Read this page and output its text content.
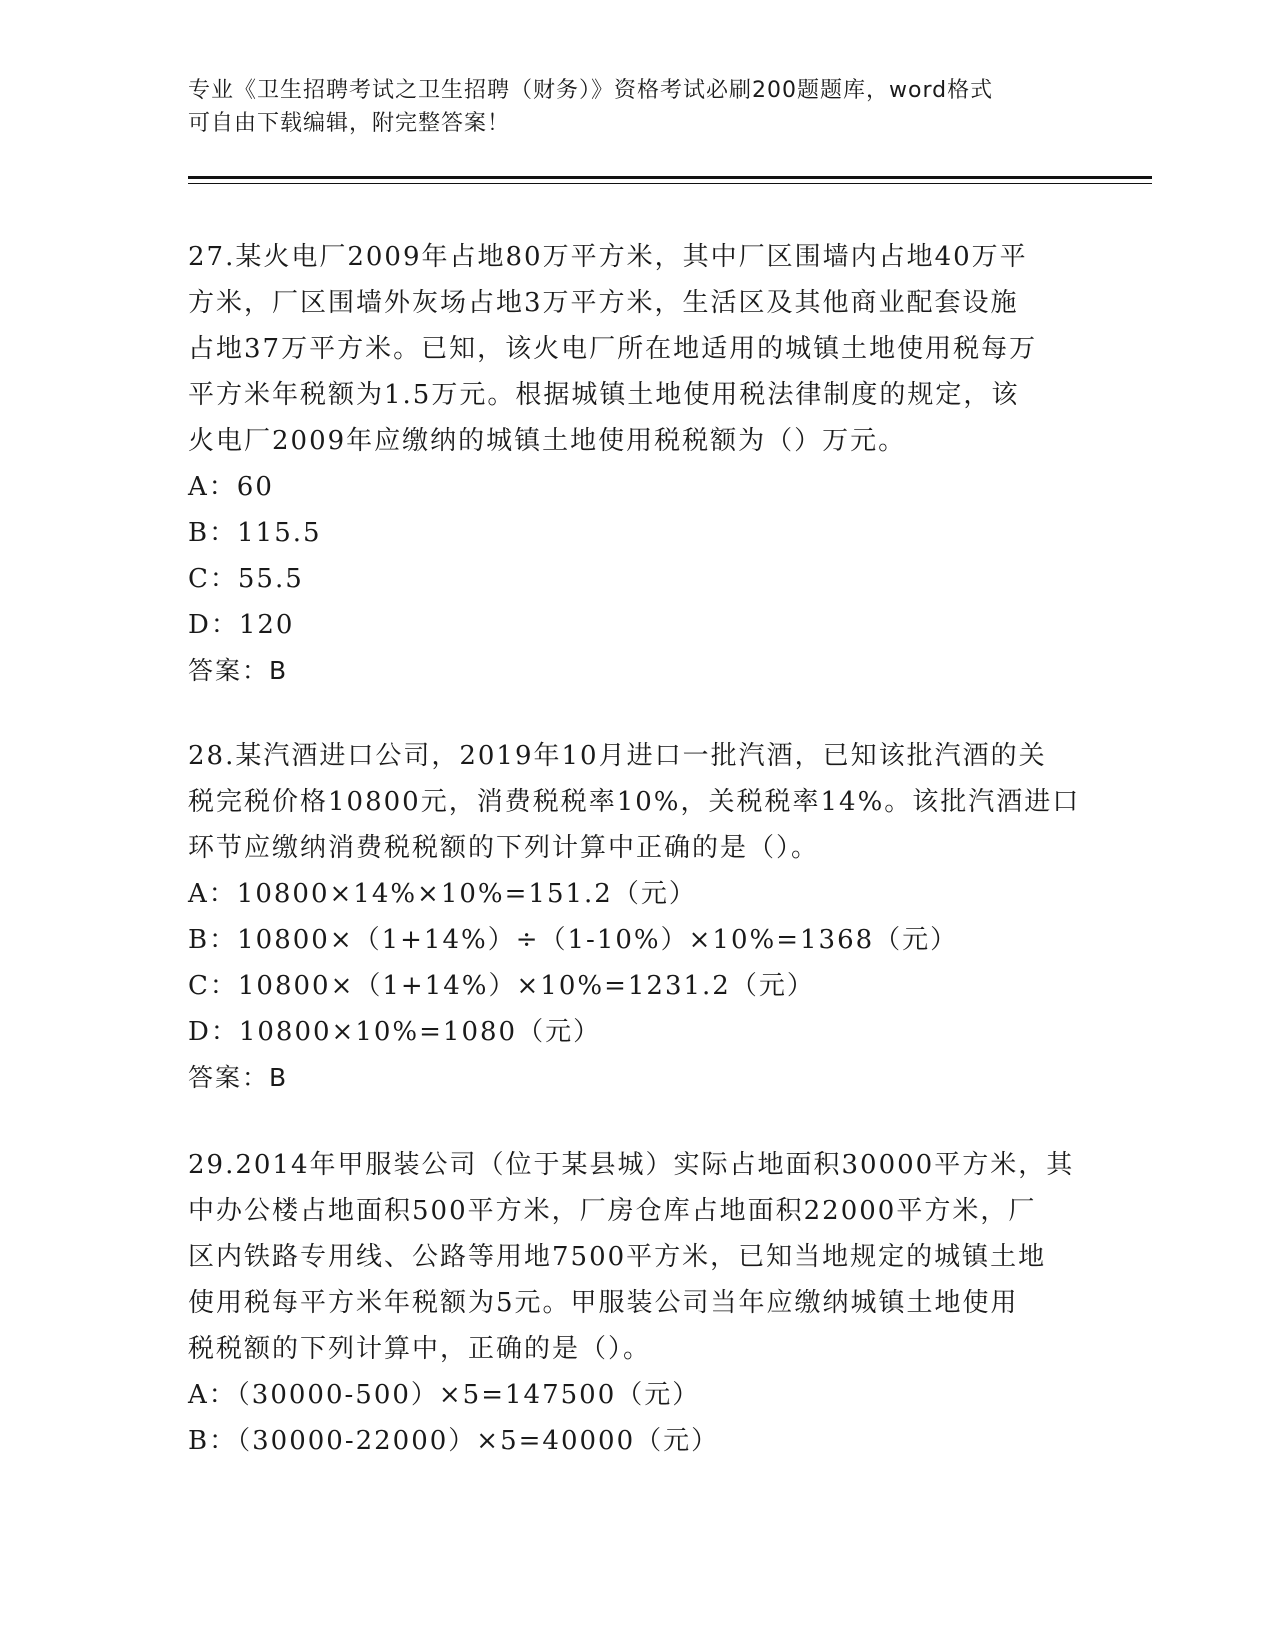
专业《卫生招聘考试之卫生招聘（财务）》资格考试必刷200题题库，word格式
可自由下载编辑，附完整答案！

27.某火电厂2009年占地80万平方米，其中厂区围墙内占地40万平

方米，厂区围墙外灰场占地3万平方米，生活区及其他商业配套设施

占地37万平方米。已知，该火电厂所在地适用的城镇土地使用税每万

平方米年税额为1.5万元。根据城镇土地使用税法律制度的规定，该

火电厂2009年应缴纳的城镇土地使用税税额为（）万元。

A：60

B：115.5

C：55.5

D：120

答案：B

28.某汽酒进口公司，2019年10月进口一批汽酒，已知该批汽酒的关

税完税价格10800元，消费税税率10%，关税税率14%。该批汽酒进口

环节应缴纳消费税税额的下列计算中正确的是（）。

A：10800×14%×10%=151.2（元）

B：10800×（1+14%）÷（1-10%）×10%=1368（元）

C：10800×（1+14%）×10%=1231.2（元）

D：10800×10%=1080（元）

答案：B

29.2014年甲服装公司（位于某县城）实际占地面积30000平方米，其

中办公楼占地面积500平方米，厂房仓库占地面积22000平方米，厂

区内铁路专用线、公路等用地7500平方米，已知当地规定的城镇土地

使用税每平方米年税额为5元。甲服装公司当年应缴纳城镇土地使用

税税额的下列计算中，正确的是（）。

A：（30000-500）×5=147500（元）

B：（30000-22000）×5=40000（元）
